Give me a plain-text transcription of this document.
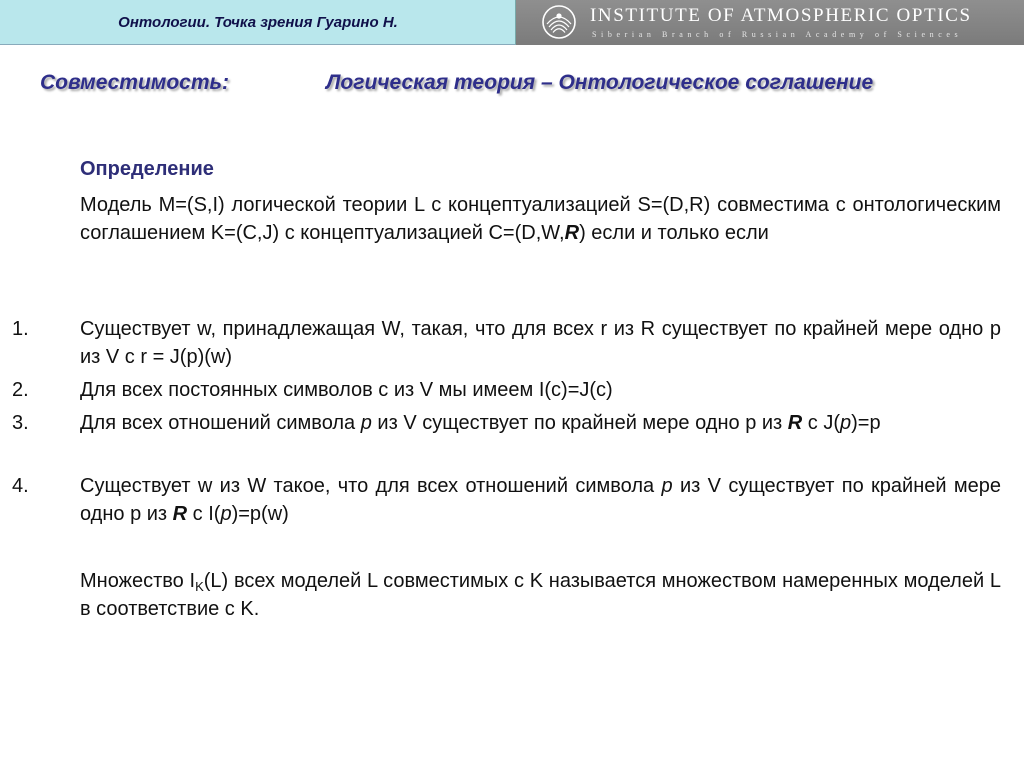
Онтологии. Точка зрения Гуарино Н.	INSTITUTE OF ATMOSPHERIC OPTICS
Siberian Branch of Russian Academy of Sciences
Совместимость:	Логическая теория – Онтологическое соглашение
Определение
Модель M=(S,I) логической теории L с концептуализацией S=(D,R) совместима с онтологическим соглашением K=(C,J) с концептуализацией C=(D,W,R) если и только если
1.	Существует w, принадлежащая W, такая, что для всех r из R существует по крайней мере одно p из V с r = J(p)(w)
2.	Для всех постоянных символов c из V мы имеем I(c)=J(c)
3.	Для всех отношений символа p из V существует по крайней мере одно p из R с J(p)=p
4.	Существует w из W такое, что для всех отношений символа p из V существует по крайней мере одно p из R с I(p)=p(w)
Множество $I_K(L)$ всех моделей L совместимых с K называется множеством намеренных моделей L в соответствие с K.
